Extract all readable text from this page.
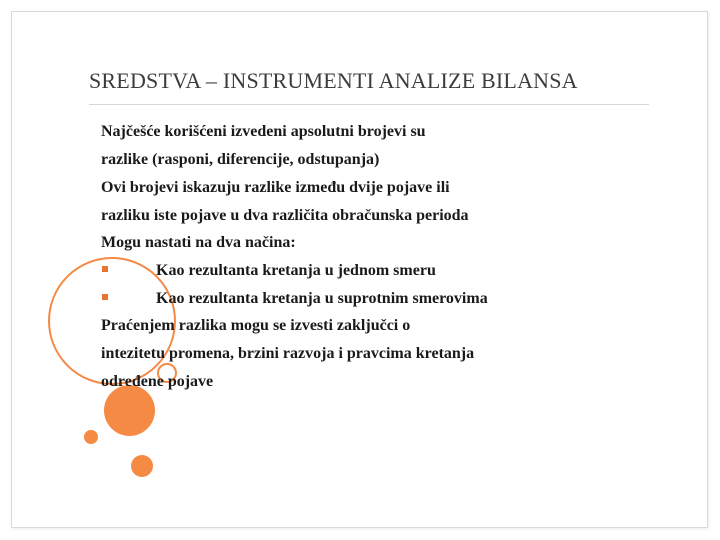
SREDSTVA – INSTRUMENTI ANALIZE BILANSA
Najčešće korišćeni izvedeni apsolutni brojevi su
razlike (rasponi, diferencije, odstupanja)
Ovi brojevi iskazuju razlike između dvije pojave ili
razliku iste pojave u dva različita obračunska perioda
Mogu nastati na dva načina:
Kao rezultanta kretanja u jednom smeru
Kao rezultanta kretanja u suprotnim smerovima
Praćenjem razlika mogu se izvesti zaključci o
intezitetu promena, brzini razvoja i pravcima kretanja
određene pojave
